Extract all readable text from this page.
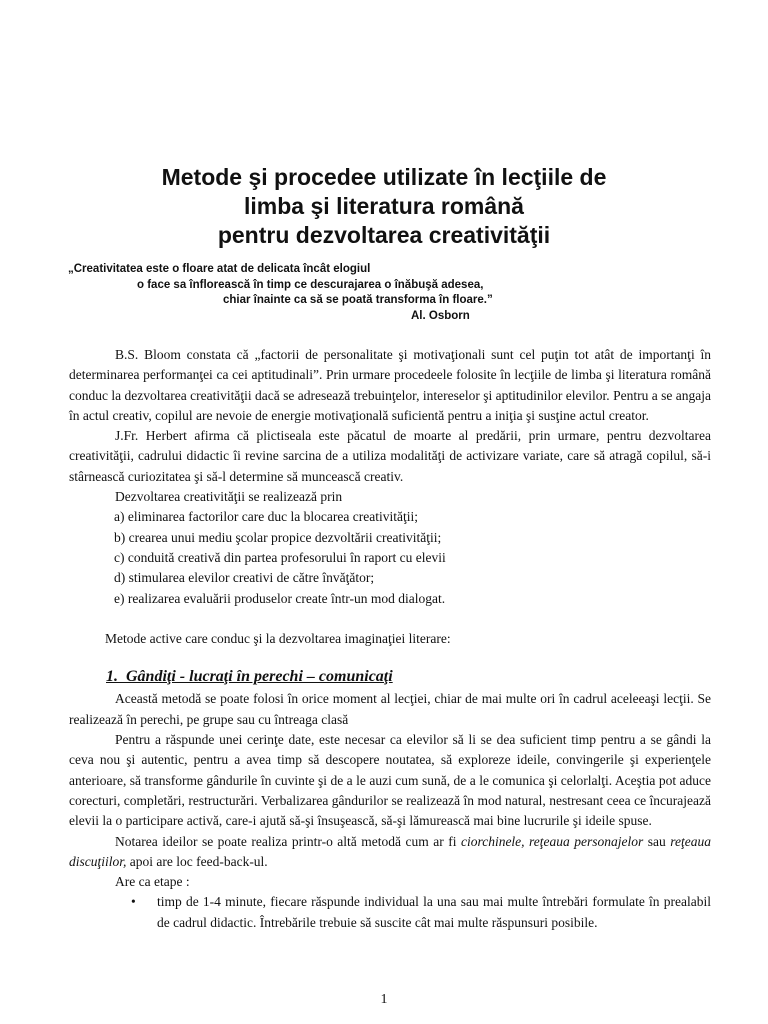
Metode şi procedee utilizate în lecţiile de
limba şi literatura română
pentru dezvoltarea creativităţii
„Creativitatea este o floare atat de delicata încât elogiul
o face sa înflorească în timp ce descurajarea o înăbuşă adesea,
chiar înainte ca să se poată transforma în floare.”
Al. Osborn

B.S. Bloom constata că „factorii de personalitate şi motivaţionali sunt cel puţin tot atât de importanţi în determinarea performanţei ca cei aptitudinali”. Prin urmare procedeele folosite în lecţiile de limba şi literatura română conduc la dezvoltarea creativităţii dacă se adresează trebuinţelor, intereselor şi aptitudinilor elevilor. Pentru a se angaja în actul creativ, copilul are nevoie de energie motivaţională suficientă pentru a iniţia şi susţine actul creator.

J.Fr. Herbert afirma că plictiseala este păcatul de moarte al predării, prin urmare, pentru dezvoltarea creativităţii, cadrului didactic îi revine sarcina de a utiliza modalităţi de activizare variate, care să atragă copilul, să-i stârnească curiozitatea şi să-l determine să muncească creativ.

Dezvoltarea creativităţii se realizează prin

a) eliminarea factorilor care duc la blocarea creativităţii;

b) crearea unui mediu şcolar propice dezvoltării creativităţii;

c) conduită creativă din partea profesorului în raport cu elevii

d) stimularea elevilor creativi de către învăţător;

e) realizarea evaluării produselor create într-un mod dialogat.

Metode active care conduc şi la dezvoltarea imaginaţiei literare:

1. Gândiţi - lucraţi în perechi – comunicaţi

Această metodă se poate folosi în orice moment al lecţiei, chiar de mai multe ori în cadrul aceleeaşi lecţii. Se realizează în perechi, pe grupe sau cu întreaga clasă

Pentru a răspunde unei cerinţe date, este necesar ca elevilor să li se dea suficient timp pentru a se gândi la ceva nou şi autentic, pentru a avea timp să descopere noutatea, să exploreze ideile, convingerile şi experienţele anterioare, să transforme gândurile în cuvinte şi de a le auzi cum sună, de a le comunica şi celorlalţi. Aceştia pot aduce corecturi, completări, restructurări. Verbalizarea gândurilor se realizează în mod natural, nestresant ceea ce încurajează elevii la o participare activă, care-i ajută să-şi însuşească, să-şi lămurească mai bine lucrurile şi ideile spuse.

Notarea ideilor se poate realiza printr-o altă metodă cum ar fi ciorchinele, reţeaua personajelor sau reţeaua discuţiilor, apoi are loc feed-back-ul.

Are ca etape :

• timp de 1-4 minute, fiecare răspunde individual la una sau mai multe întrebări formulate în prealabil de cadrul didactic. Întrebările trebuie să suscite cât mai multe răspunsuri posibile.

1
